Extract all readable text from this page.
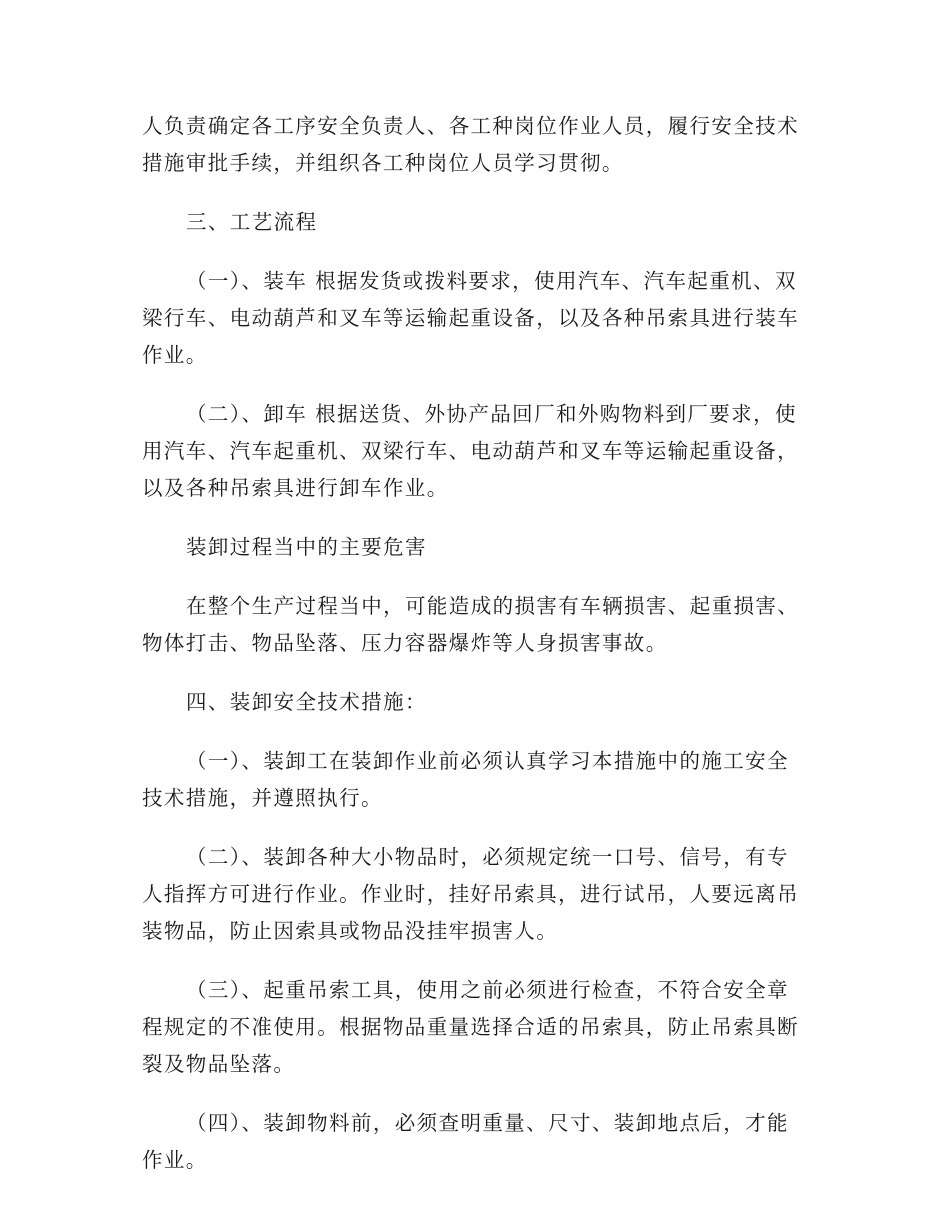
人负责确定各工序安全负责人、各工种岗位作业人员，履行安全技术
措施审批手续，并组织各工种岗位人员学习贯彻。
三、工艺流程
（一）、装车 根据发货或拨料要求，使用汽车、汽车起重机、双
梁行车、电动葫芦和叉车等运输起重设备，以及各种吊索具进行装车
作业。
（二）、卸车 根据送货、外协产品回厂和外购物料到厂要求，使
用汽车、汽车起重机、双梁行车、电动葫芦和叉车等运输起重设备，
以及各种吊索具进行卸车作业。
装卸过程当中的主要危害
在整个生产过程当中，可能造成的损害有车辆损害、起重损害、
物体打击、物品坠落、压力容器爆炸等人身损害事故。
四、装卸安全技术措施：
（一）、装卸工在装卸作业前必须认真学习本措施中的施工安全
技术措施，并遵照执行。
（二）、装卸各种大小物品时，必须规定统一口号、信号，有专
人指挥方可进行作业。作业时，挂好吊索具，进行试吊，人要远离吊
装物品，防止因索具或物品没挂牢损害人。
（三）、起重吊索工具，使用之前必须进行检查，不符合安全章
程规定的不准使用。根据物品重量选择合适的吊索具，防止吊索具断
裂及物品坠落。
（四）、装卸物料前，必须查明重量、尺寸、装卸地点后，才能
作业。
